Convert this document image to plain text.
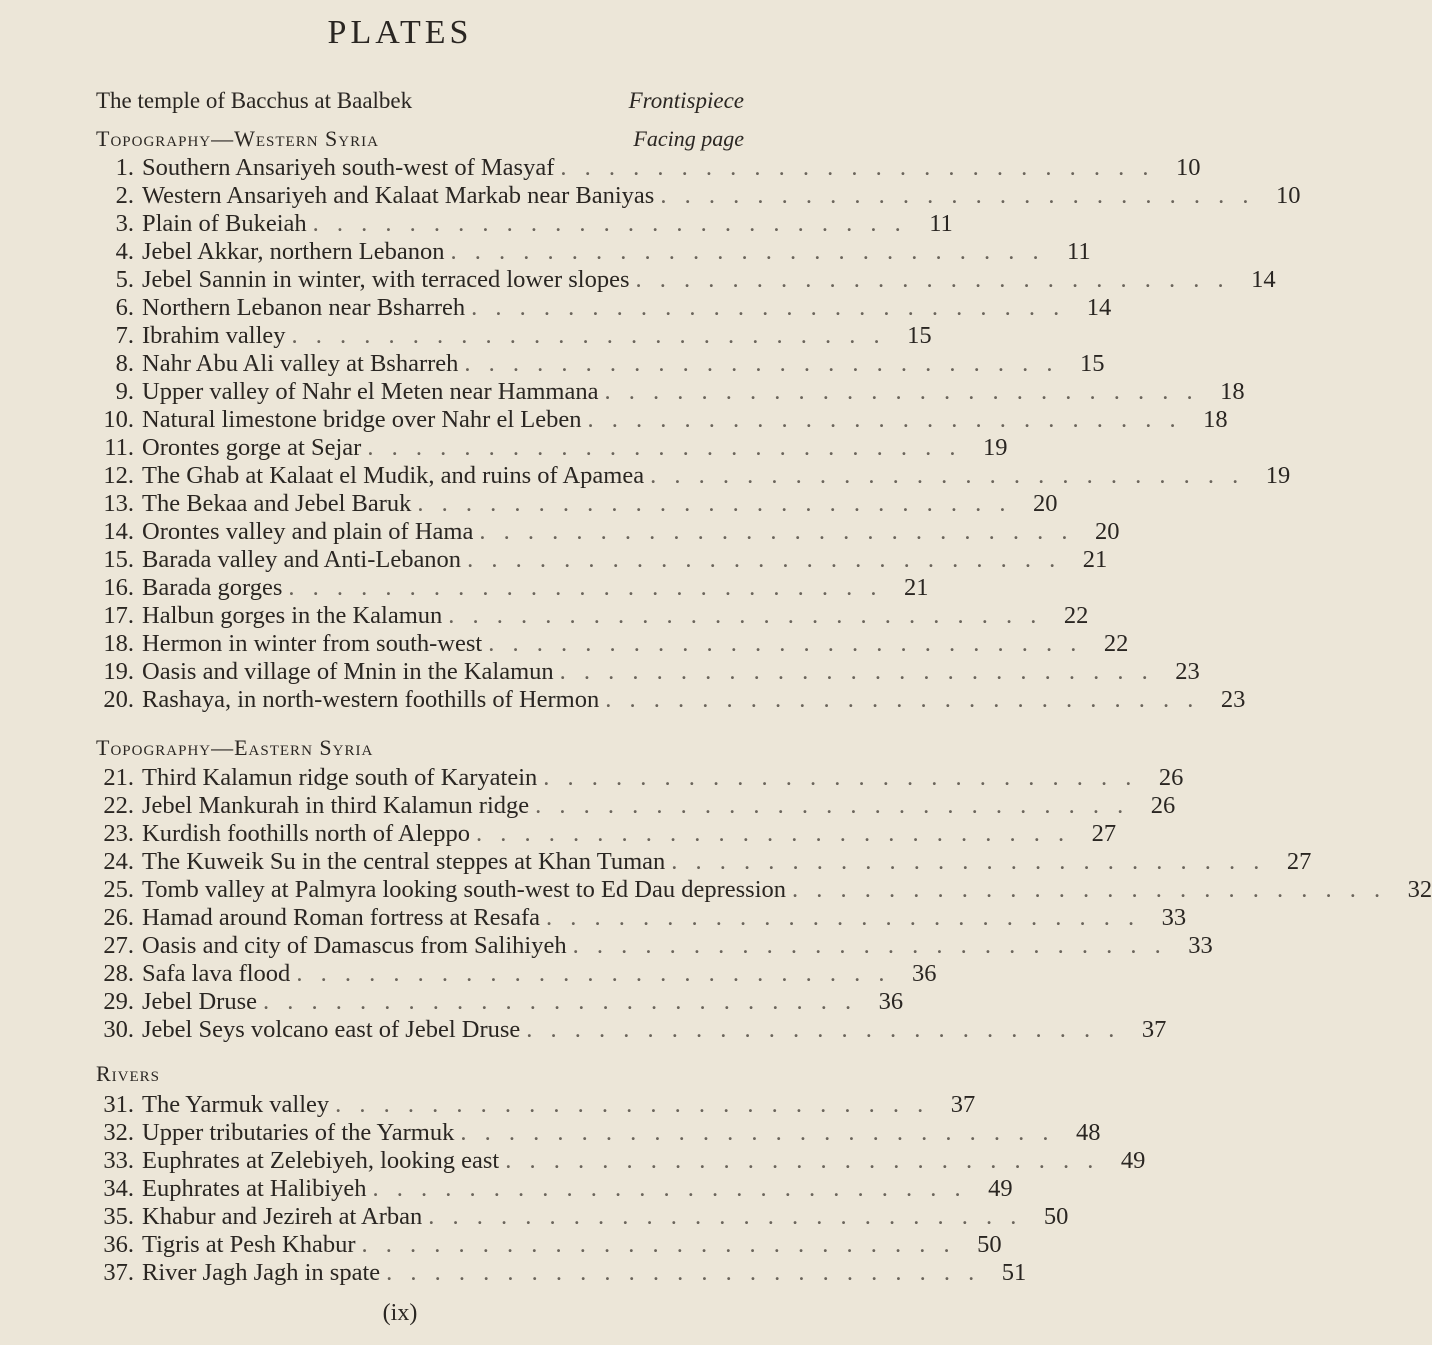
PLATES
The temple of Bacchus at Baalbek	Frontispiece
Topography—Western Syria	Facing page
1. Southern Ansariyeh south-west of Masyaf . .	10
2. Western Ansariyeh and Kalaat Markab near Baniyas . .	10
3. Plain of Bukeiah . .	11
4. Jebel Akkar, northern Lebanon . .	11
5. Jebel Sannin in winter, with terraced lower slopes . .	14
6. Northern Lebanon near Bsharreh . .	14
7. Ibrahim valley . .	15
8. Nahr Abu Ali valley at Bsharreh . .	15
9. Upper valley of Nahr el Meten near Hammana . .	18
10. Natural limestone bridge over Nahr el Leben . .	18
11. Orontes gorge at Sejar . .	19
12. The Ghab at Kalaat el Mudik, and ruins of Apamea . .	19
13. The Bekaa and Jebel Baruk . .	20
14. Orontes valley and plain of Hama . .	20
15. Barada valley and Anti-Lebanon . .	21
16. Barada gorges . .	21
17. Halbun gorges in the Kalamun . .	22
18. Hermon in winter from south-west . .	22
19. Oasis and village of Mnin in the Kalamun . .	23
20. Rashaya, in north-western foothills of Hermon . .	23
Topography—Eastern Syria
21. Third Kalamun ridge south of Karyatein . .	26
22. Jebel Mankurah in third Kalamun ridge . .	26
23. Kurdish foothills north of Aleppo . .	27
24. The Kuweik Su in the central steppes at Khan Tuman . .	27
25. Tomb valley at Palmyra looking south-west to Ed Dau depression . .	32
26. Hamad around Roman fortress at Resafa . .	33
27. Oasis and city of Damascus from Salihiyeh . .	33
28. Safa lava flood . .	36
29. Jebel Druse . .	36
30. Jebel Seys volcano east of Jebel Druse . .	37
Rivers
31. The Yarmuk valley . .	37
32. Upper tributaries of the Yarmuk . .	48
33. Euphrates at Zelebiyeh, looking east . .	49
34. Euphrates at Halibiyeh . .	49
35. Khabur and Jezireh at Arban . .	50
36. Tigris at Pesh Khabur . .	50
37. River Jagh Jagh in spate . .	51
(ix)
